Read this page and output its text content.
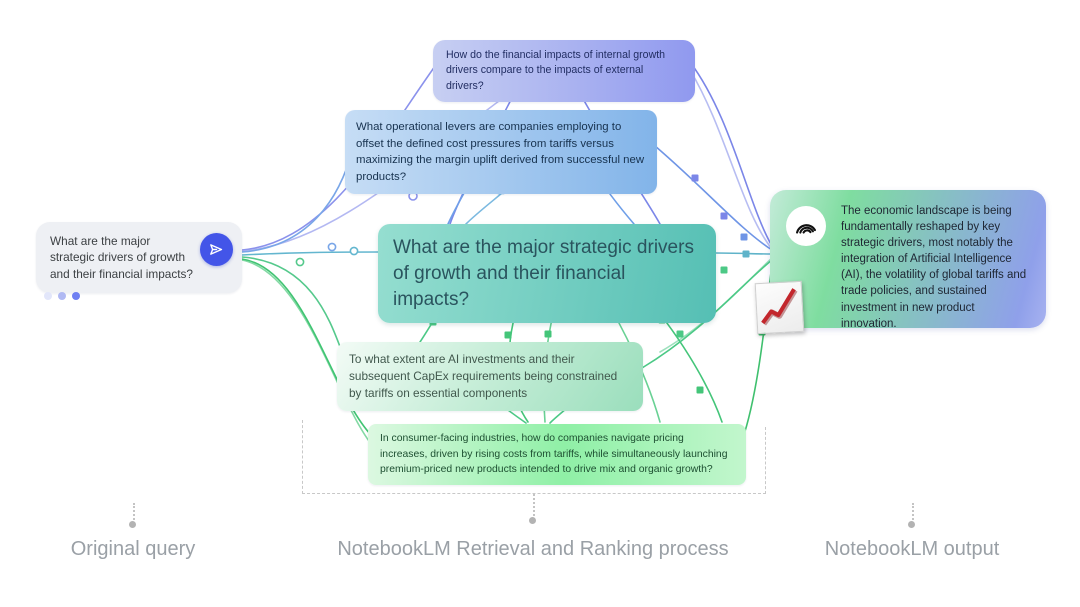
What are the major strategic drivers of growth and their financial impacts?
How do the financial impacts of internal growth drivers compare to the impacts of external drivers?
What operational levers are companies employing to offset the defined cost pressures from tariffs versus maximizing the margin uplift derived from successful new products?
What are the major strategic drivers of growth and their financial impacts?
To what extent are AI investments and their subsequent CapEx requirements being constrained by tariffs on essential components
In consumer-facing industries, how do companies navigate pricing increases, driven by rising costs from tariffs, while simultaneously launching premium-priced new products intended to drive mix and organic growth?
The economic landscape is being fundamentally reshaped by key strategic drivers, most notably the integration of Artificial Intelligence (AI), the volatility of global tariffs and trade policies, and sustained investment in new product innovation.
Original query	NotebookLM Retrieval and Ranking process	NotebookLM output
